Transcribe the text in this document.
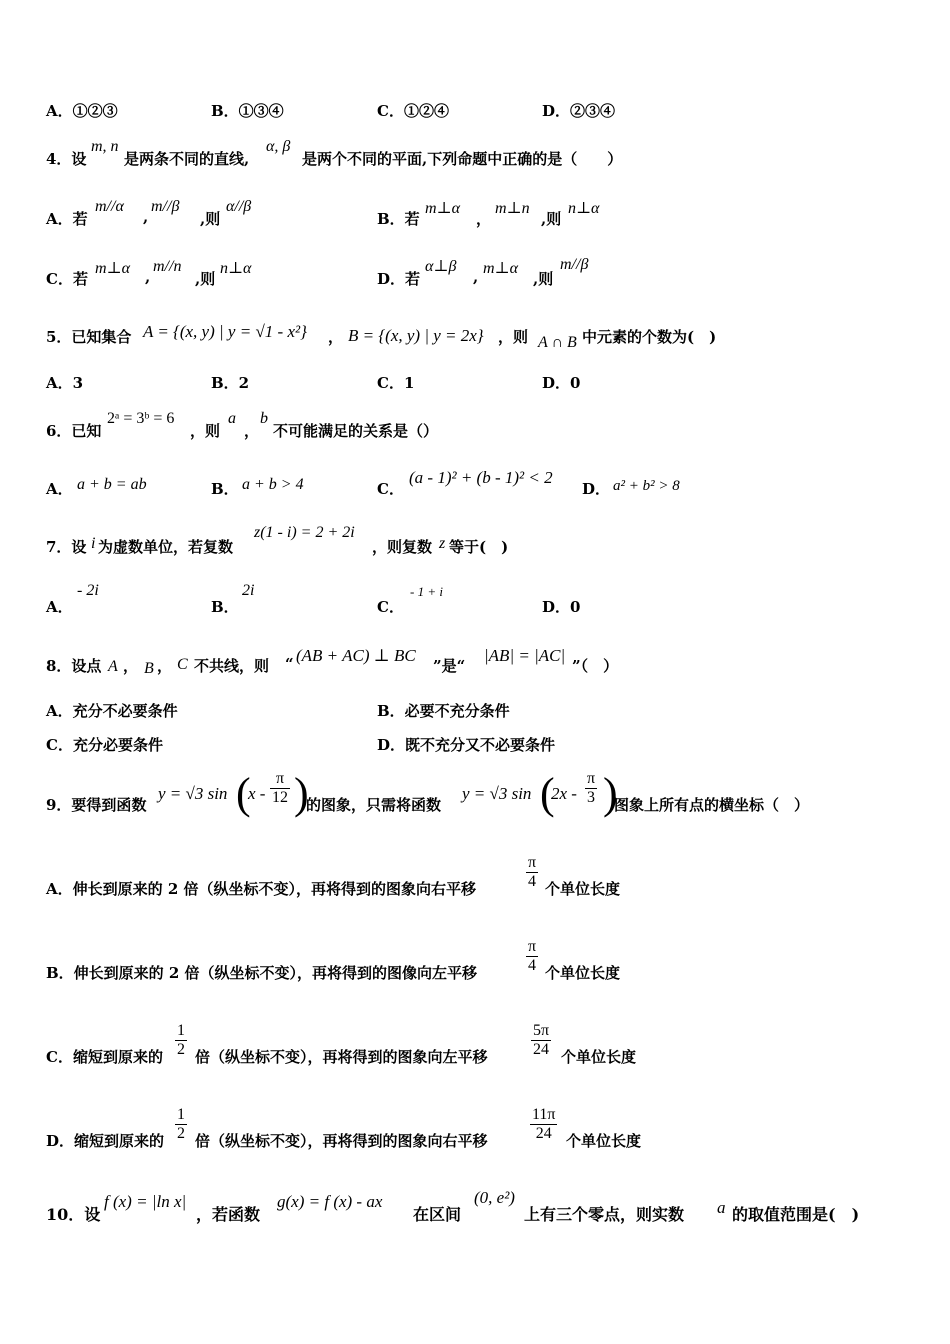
A．①②③	B．①③④	C．①②④	D．②③④
4．设
m, n
是两条不同的直线,
α, β
是两个不同的平面,下列命题中正确的是（　　）
A．若
m//α
,
m//β
,则
α//β
B．若
m⊥α
，
m⊥n
,则
n⊥α
C．若
m⊥α ,
m//n
,则
n⊥α
D．若
α⊥β
, m⊥α
,则
m//β
5．已知集合 A = {(x, y) | y = √1 - x²} ， B = {(x, y) | y = 2x} ，则 A ∩ B 中元素的个数为(　)
A．3	B．2	C．1	D．0
6．已知
2ᵃ = 3ᵇ = 6
，则
a
，
b
不可能满足的关系是（）
A． a + b = ab	B． a + b > 4	C．
(a - 1)² + (b - 1)² < 2
D． a² + b² > 8
7．设 i 为虚数单位，若复数
z(1 - i) = 2 + 2i
，则复数 z 等于(　)
A．
- 2i
B．
2i
C．
- 1 + i
D．0
8．设点 A ， B ， C 不共线，则 “ (AB + AC) ⊥ BC
”是“
|AB| = |AC|
”（　）
A．充分不必要条件	B．必要不充分条件
C．充分必要条件	D．既不充分又不必要条件
9．要得到函数
y = √3 sin (
x - $\frac{\pi}{12}$ )
的图象，只需将函数
y = √3 sin (
$2x - \frac{\pi}{3}$ )
图象上所有点的横坐标（　）
A．伸长到原来的 2 倍（纵坐标不变），再将得到的图象向右平移	$\frac{\pi}{4}$ 个单位长度
B．伸长到原来的 2 倍（纵坐标不变），再将得到的图像向左平移	$\frac{\pi}{4}$ 个单位长度
C．缩短到原来的 $\frac{1}{2}$ 倍（纵坐标不变），再将得到的图象向左平移	$\frac{5\pi}{24}$ 个单位长度
D．缩短到原来的 $\frac{1}{2}$ 倍（纵坐标不变），再将得到的图象向右平移	$\frac{11\pi}{24}$ 个单位长度
10．设
f (x) = |ln x|
，若函数
g(x) = f (x) - ax
在区间
(0, e²)
上有三个零点，则实数 a 的取值范围是(　)
